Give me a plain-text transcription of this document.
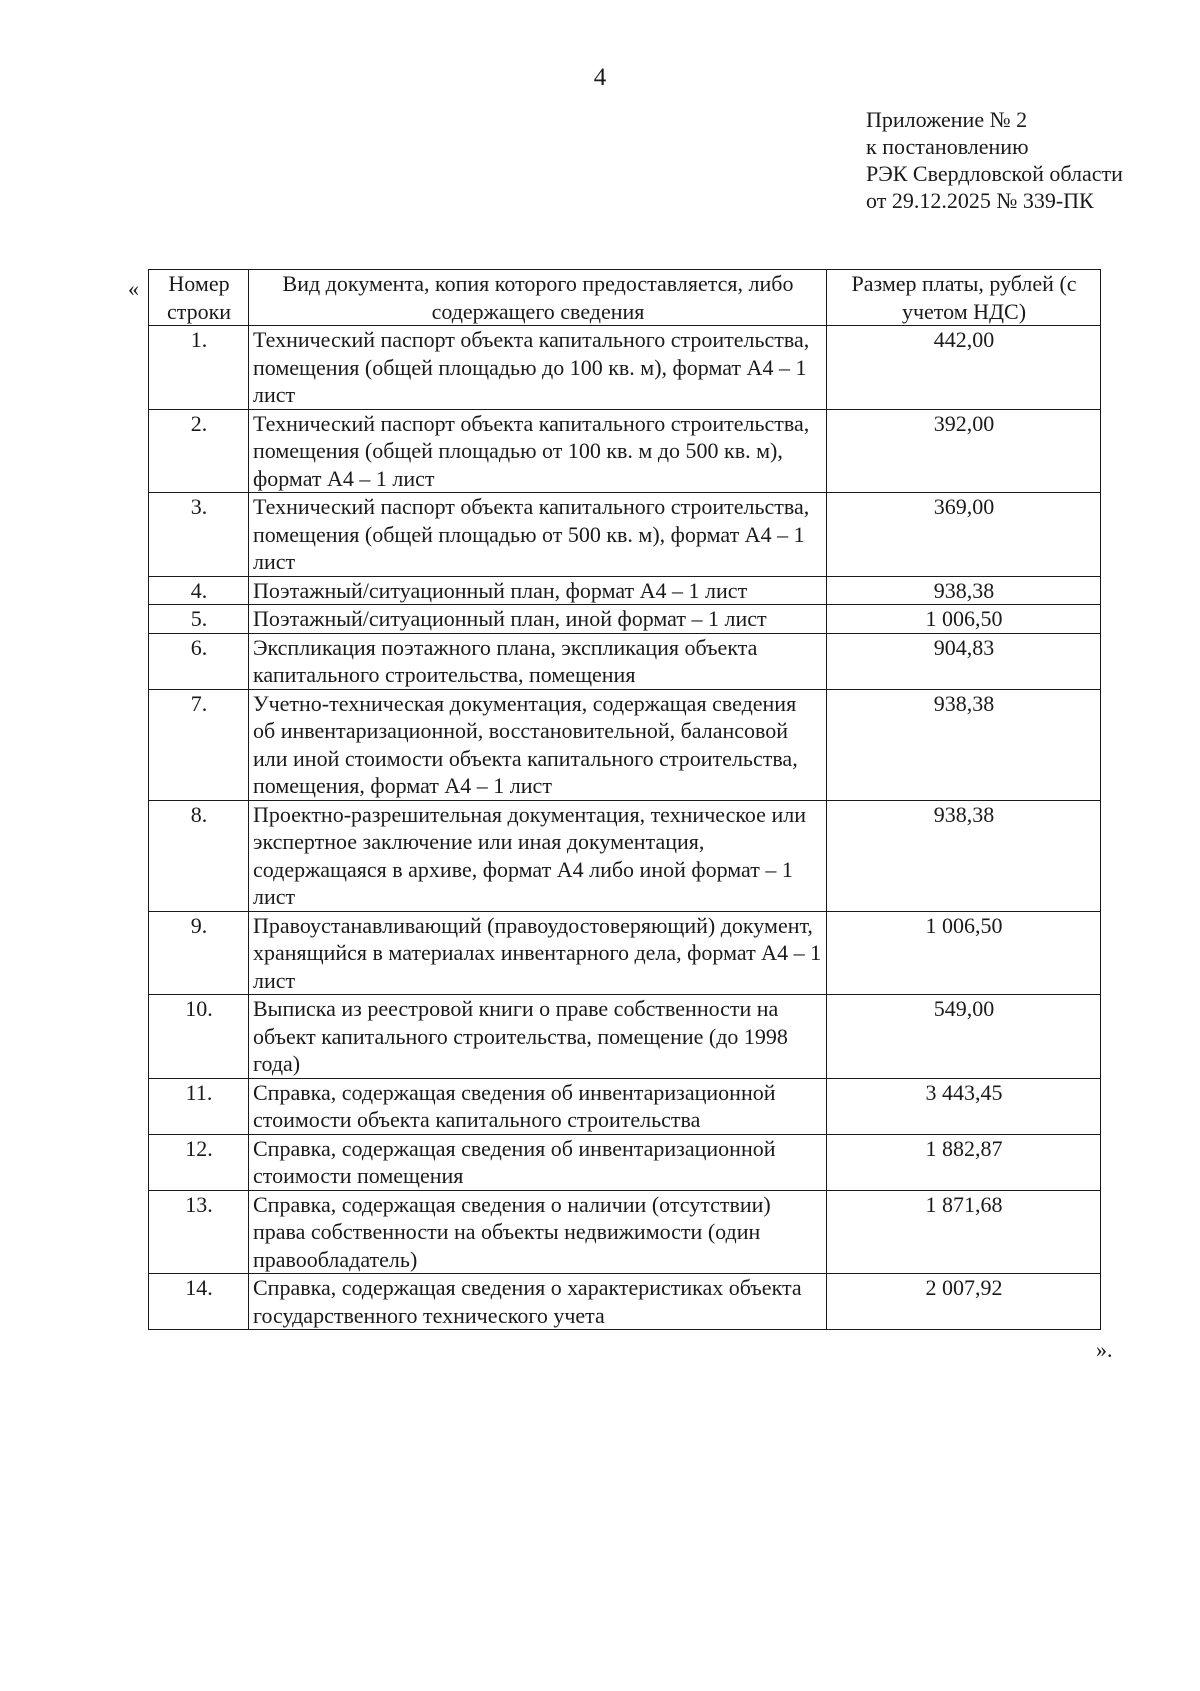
4
Приложение № 2
к постановлению
РЭК Свердловской области
от 29.12.2025 № 339-ПК
« Номер строки	Вид документа, копия которого предоставляется, либо содержащего сведения	Размер платы, рублей (с учетом НДС)
1.	Технический паспорт объекта капитального строительства, помещения (общей площадью до 100 кв. м), формат А4 – 1 лист	442,00
2.	Технический паспорт объекта капитального строительства, помещения (общей площадью от 100 кв. м до 500 кв. м), формат А4 – 1 лист	392,00
3.	Технический паспорт объекта капитального строительства, помещения (общей площадью от 500 кв. м), формат А4 – 1 лист	369,00
4.	Поэтажный/ситуационный план, формат А4 – 1 лист	938,38
5.	Поэтажный/ситуационный план, иной формат – 1 лист	1 006,50
6.	Экспликация поэтажного плана, экспликация объекта капитального строительства, помещения	904,83
7.	Учетно-техническая документация, содержащая сведения об инвентаризационной, восстановительной, балансовой или иной стоимости объекта капитального строительства, помещения, формат А4 – 1 лист	938,38
8.	Проектно-разрешительная документация, техническое или экспертное заключение или иная документация, содержащаяся в архиве, формат А4 либо иной формат – 1 лист	938,38
9.	Правоустанавливающий (правоудостоверяющий) документ, хранящийся в материалах инвентарного дела, формат А4 – 1 лист	1 006,50
10.	Выписка из реестровой книги о праве собственности на объект капитального строительства, помещение (до 1998 года)	549,00
11.	Справка, содержащая сведения об инвентаризационной стоимости объекта капитального строительства	3 443,45
12.	Справка, содержащая сведения об инвентаризационной стоимости помещения	1 882,87
13.	Справка, содержащая сведения о наличии (отсутствии) права собственности на объекты недвижимости (один правообладатель)	1 871,68
14.	Справка, содержащая сведения о характеристиках объекта государственного технического учета	2 007,92
».
